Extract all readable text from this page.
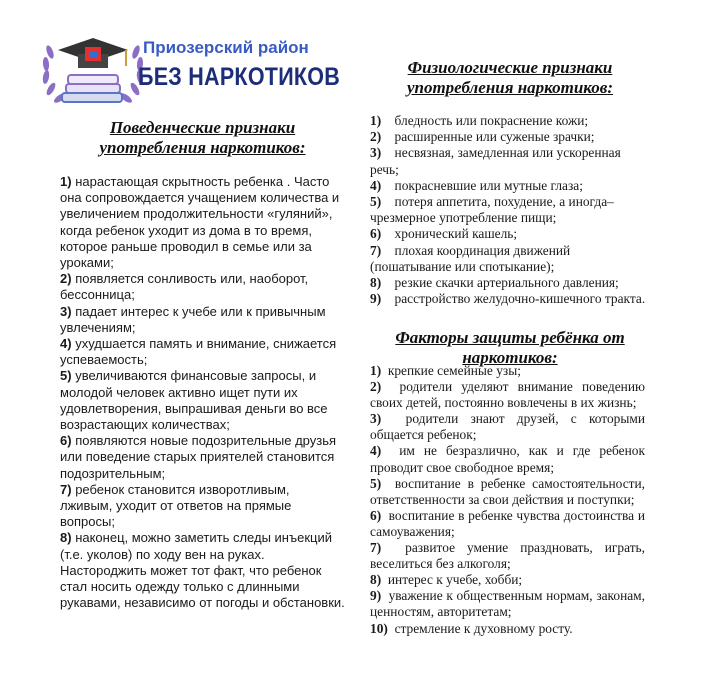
Приозерский район
БЕЗ НАРКОТИКОВ
Поведенческие признаки
употребления наркотиков:

1) нарастающая скрытность ребенка . Часто она сопровождается учащением количества и увеличением продолжительности «гуляний», когда ребенок уходит из дома в то время, которое раньше проводил в семье или за уроками;

2) появляется сонливость или, наоборот, бессонница;

3) падает интерес к учебе или к привычным увлечениям;

4) ухудшается память и внимание, снижается успеваемость;

5) увеличиваются финансовые запросы, и молодой человек активно ищет пути их удовлетворения, выпрашивая деньги во все возрастающих количествах;

6) появляются новые подозрительные друзья или поведение старых приятелей становится подозрительным;

7) ребенок становится изворотливым, лживым, уходит от ответов на прямые вопросы;

8) наконец, можно заметить следы инъекций (т.е. уколов) по ходу вен на руках. Настороджить может тот факт, что ребенок стал носить одежду только с длинными рукавами, независимо от погоды и обстановки.

Физиологические признаки
употребления наркотиков:

1) бледность или покраснение кожи;

2) расширенные или суженые зрачки;

3) несвязная, замедленная или ускоренная речь;

4) покрасневшие или мутные глаза;

5) потеря аппетита, похудение, а иногда–чрезмерное употребление пищи;

6) хронический кашель;

7) плохая координация движений (пошатывание или спотыкание);

8) резкие скачки артериального давления;

9) расстройство желудочно-кишечного тракта.

Факторы защиты ребёнка от
наркотиков:

1) крепкие семейные узы;

2) родители уделяют внимание поведению своих детей, постоянно вовлечены в их жизнь;

3) родители знают друзей, с которыми общается ребенок;

4) им не безразлично, как и где ребенок проводит свое свободное время;

5) воспитание в ребенке самостоятельности, ответственности за свои действия и поступки;

6) воспитание в ребенке чувства достоинства и самоуважения;

7) развитое умение праздновать, играть, веселиться без алкоголя;

8) интерес к учебе, хобби;

9) уважение к общественным нормам, законам, ценностям, авторитетам;

10) стремление к духовному росту.
